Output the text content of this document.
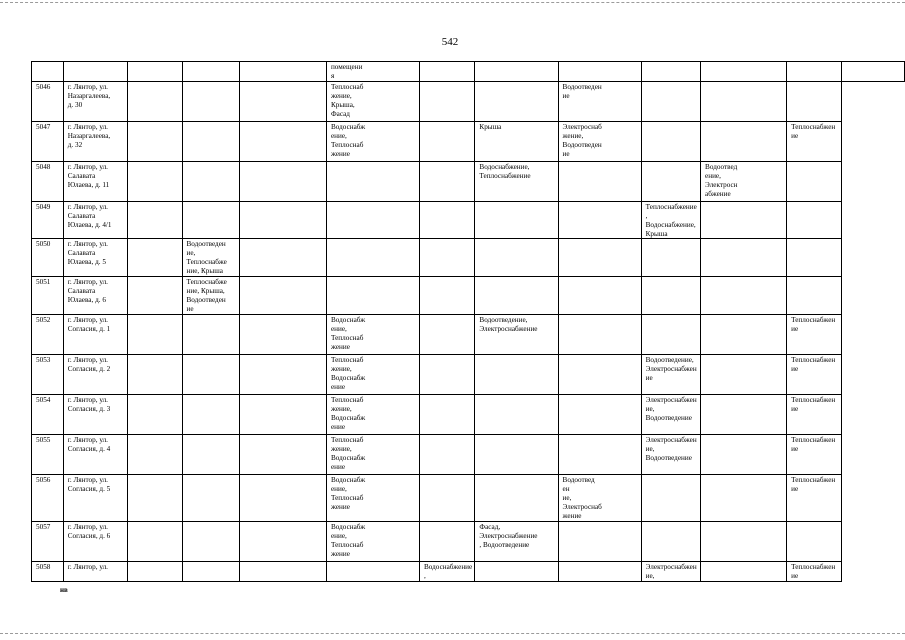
542
					помещени
я							
5046	г. Лянтор, ул.
Назаргалеева,
д. 30				Теплоснаб
жение,
Крыша,
Фасад			Водоотведен
ие				
5047	г. Лянтор, ул.
Назаргалеева,
д. 32				Водоснабж
ение,
Теплоснаб
жение		Крыша	Электроснаб
жение,
Водоотведен
ие			Теплоснабжение	
5048	г. Лянтор, ул.
Салавата
Юлаева, д. 11						Водоснабжение,
Теплоснабжение			Водоотвед
ение,
Электросн
абжение		
5049	г. Лянтор, ул.
Салавата
Юлаева, д. 4/1								Теплоснабжение,
Водоснабжение,
Крыша			
5050	г. Лянтор, ул.
Салавата
Юлаева, д. 5		Водоотведен
ие,
Теплоснабже
ние, Крыша									
5051	г. Лянтор, ул.
Салавата
Юлаева, д. 6		Теплоснабже
ние, Крыша,
Водоотведен
ие									
5052	г. Лянтор, ул.
Согласия, д. 1				Водоснабж
ение,
Теплоснаб
жение		Водоотведение,
Электроснабжение				Теплоснабжение	
5053	г. Лянтор, ул.
Согласия, д. 2				Теплоснаб
жение,
Водоснабж
ение				Водоотведение,
Электроснабжение		Теплоснабжение	
5054	г. Лянтор, ул.
Согласия, д. 3				Теплоснаб
жение,
Водоснабж
ение				Электроснабжение,
Водоотведение		Теплоснабжение	
5055	г. Лянтор, ул.
Согласия, д. 4				Теплоснаб
жение,
Водоснабж
ение				Электроснабжение,
Водоотведение		Теплоснабжение	
5056	г. Лянтор, ул.
Согласия, д. 5				Водоснабж
ение,
Теплоснаб
жение			Водоотвед
ен
ие,
Электроснаб
жение			Теплоснабжение	
5057	г. Лянтор, ул.
Согласия, д. 6				Водоснабж
ение,
Теплоснаб
жение		Фасад,
Электроснабжение
, Водоотведение					
5058	г. Лянтор, ул.					Водоснабжение,			Электроснабжение,		Теплоснабжение	
нв
